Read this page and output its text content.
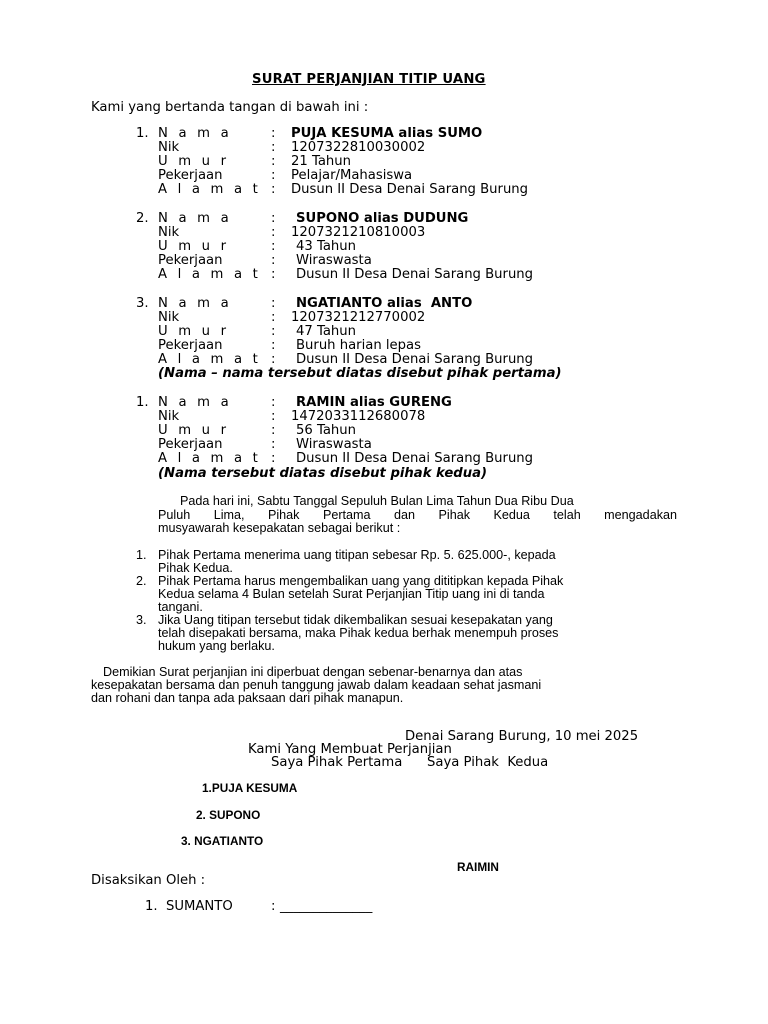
SURAT PERJANJIAN TITIP UANG
Kami yang bertanda tangan di bawah ini :
1. N a m a	: PUJA KESUMA alias SUMO
Nik	: 1207322810030002
U m u r	: 21 Tahun
Pekerjaan	: Pelajar/Mahasiswa
A l a m a t : Dusun II Desa Denai Sarang Burung
2. N a m a	: SUPONO alias DUDUNG
Nik	: 1207321210810003
U m u r	: 43 Tahun
Pekerjaan	: Wiraswasta
A l a m a t : Dusun II Desa Denai Sarang Burung
3. N a m a	: NGATIANTO alias  ANTO
Nik	: 1207321212770002
U m u r	: 47 Tahun
Pekerjaan	: Buruh harian lepas
A l a m a t : Dusun II Desa Denai Sarang Burung
(Nama – nama tersebut diatas disebut pihak pertama)
1. N a m a	: RAMIN alias GURENG
Nik	: 1472033112680078
U m u r	: 56 Tahun
Pekerjaan	: Wiraswasta
A l a m a t : Dusun II Desa Denai Sarang Burung
(Nama tersebut diatas disebut pihak kedua)
Pada hari ini, Sabtu Tanggal Sepuluh Bulan Lima Tahun Dua Ribu Dua
Puluh Lima, Pihak Pertama dan Pihak Kedua telah mengadakan
musyawarah kesepakatan sebagai berikut :
1. Pihak Pertama menerima uang titipan sebesar Rp. 5. 625.000-, kepada
Pihak Kedua.
2. Pihak Pertama harus mengembalikan uang yang dititipkan kepada Pihak
Kedua selama 4 Bulan setelah Surat Perjanjian Titip uang ini di tanda
tangani.
3. Jika Uang titipan tersebut tidak dikembalikan sesuai kesepakatan yang
telah disepakati bersama, maka Pihak kedua berhak menempuh proses
hukum yang berlaku.
Demikian Surat perjanjian ini diperbuat dengan sebenar-benarnya dan atas
kesepakatan bersama dan penuh tanggung jawab dalam keadaan sehat jasmani
dan rohani dan tanpa ada paksaan dari pihak manapun.
Denai Sarang Burung, 10 mei 2025
Kami Yang Membuat Perjanjian
Saya Pihak Pertama Saya Pihak  Kedua
1.PUJA KESUMA
2. SUPONO
3. NGATIANTO
RAIMIN
Disaksikan Oleh :
1. SUMANTO	: ______________
